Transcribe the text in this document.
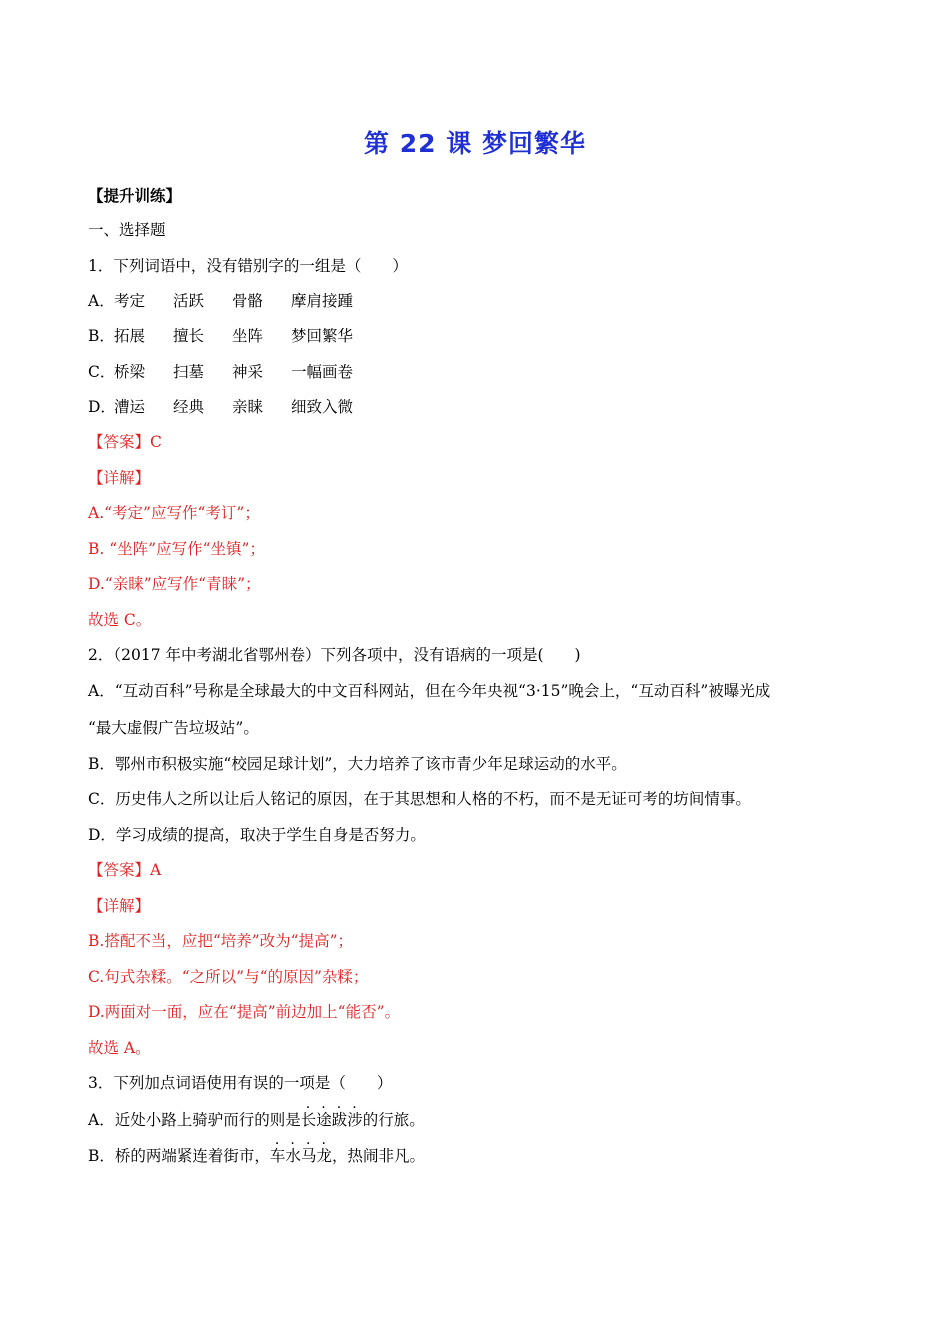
第 22 课 梦回繁华
【提升训练】
一、选择题
1．下列词语中，没有错别字的一组是（　　）
A．考定 活跃 骨骼 摩肩接踵
B．拓展 擅长 坐阵 梦回繁华
C．桥梁 扫墓 神采 一幅画卷
D．漕运 经典 亲睐 细致入微
【答案】C
【详解】
A.“考定”应写作“考订”；
B. “坐阵”应写作“坐镇”；
D.“亲睐”应写作“青睐”；
故选 C。
2．（2017 年中考湖北省鄂州卷）下列各项中，没有语病的一项是(　　)
A．“互动百科”号称是全球最大的中文百科网站，但在今年央视“3·15”晚会上，“互动百科”被曝光成
“最大虚假广告垃圾站”。
B．鄂州市积极实施“校园足球计划”，大力培养了该市青少年足球运动的水平。
C．历史伟人之所以让后人铭记的原因，在于其思想和人格的不朽，而不是无证可考的坊间情事。
D．学习成绩的提高，取决于学生自身是否努力。
【答案】A
【详解】
B.搭配不当，应把“培养”改为“提高”；
C.句式杂糅。“之所以”与“的原因”杂糅；
D.两面对一面，应在“提高”前边加上“能否”。
故选 A。
3．下列加点词语使用有误的一项是（　　）
A．近处小路上骑驴而行的则是长途跋涉的行旅。
B．桥的两端紧连着街市，车水马龙，热闹非凡。
